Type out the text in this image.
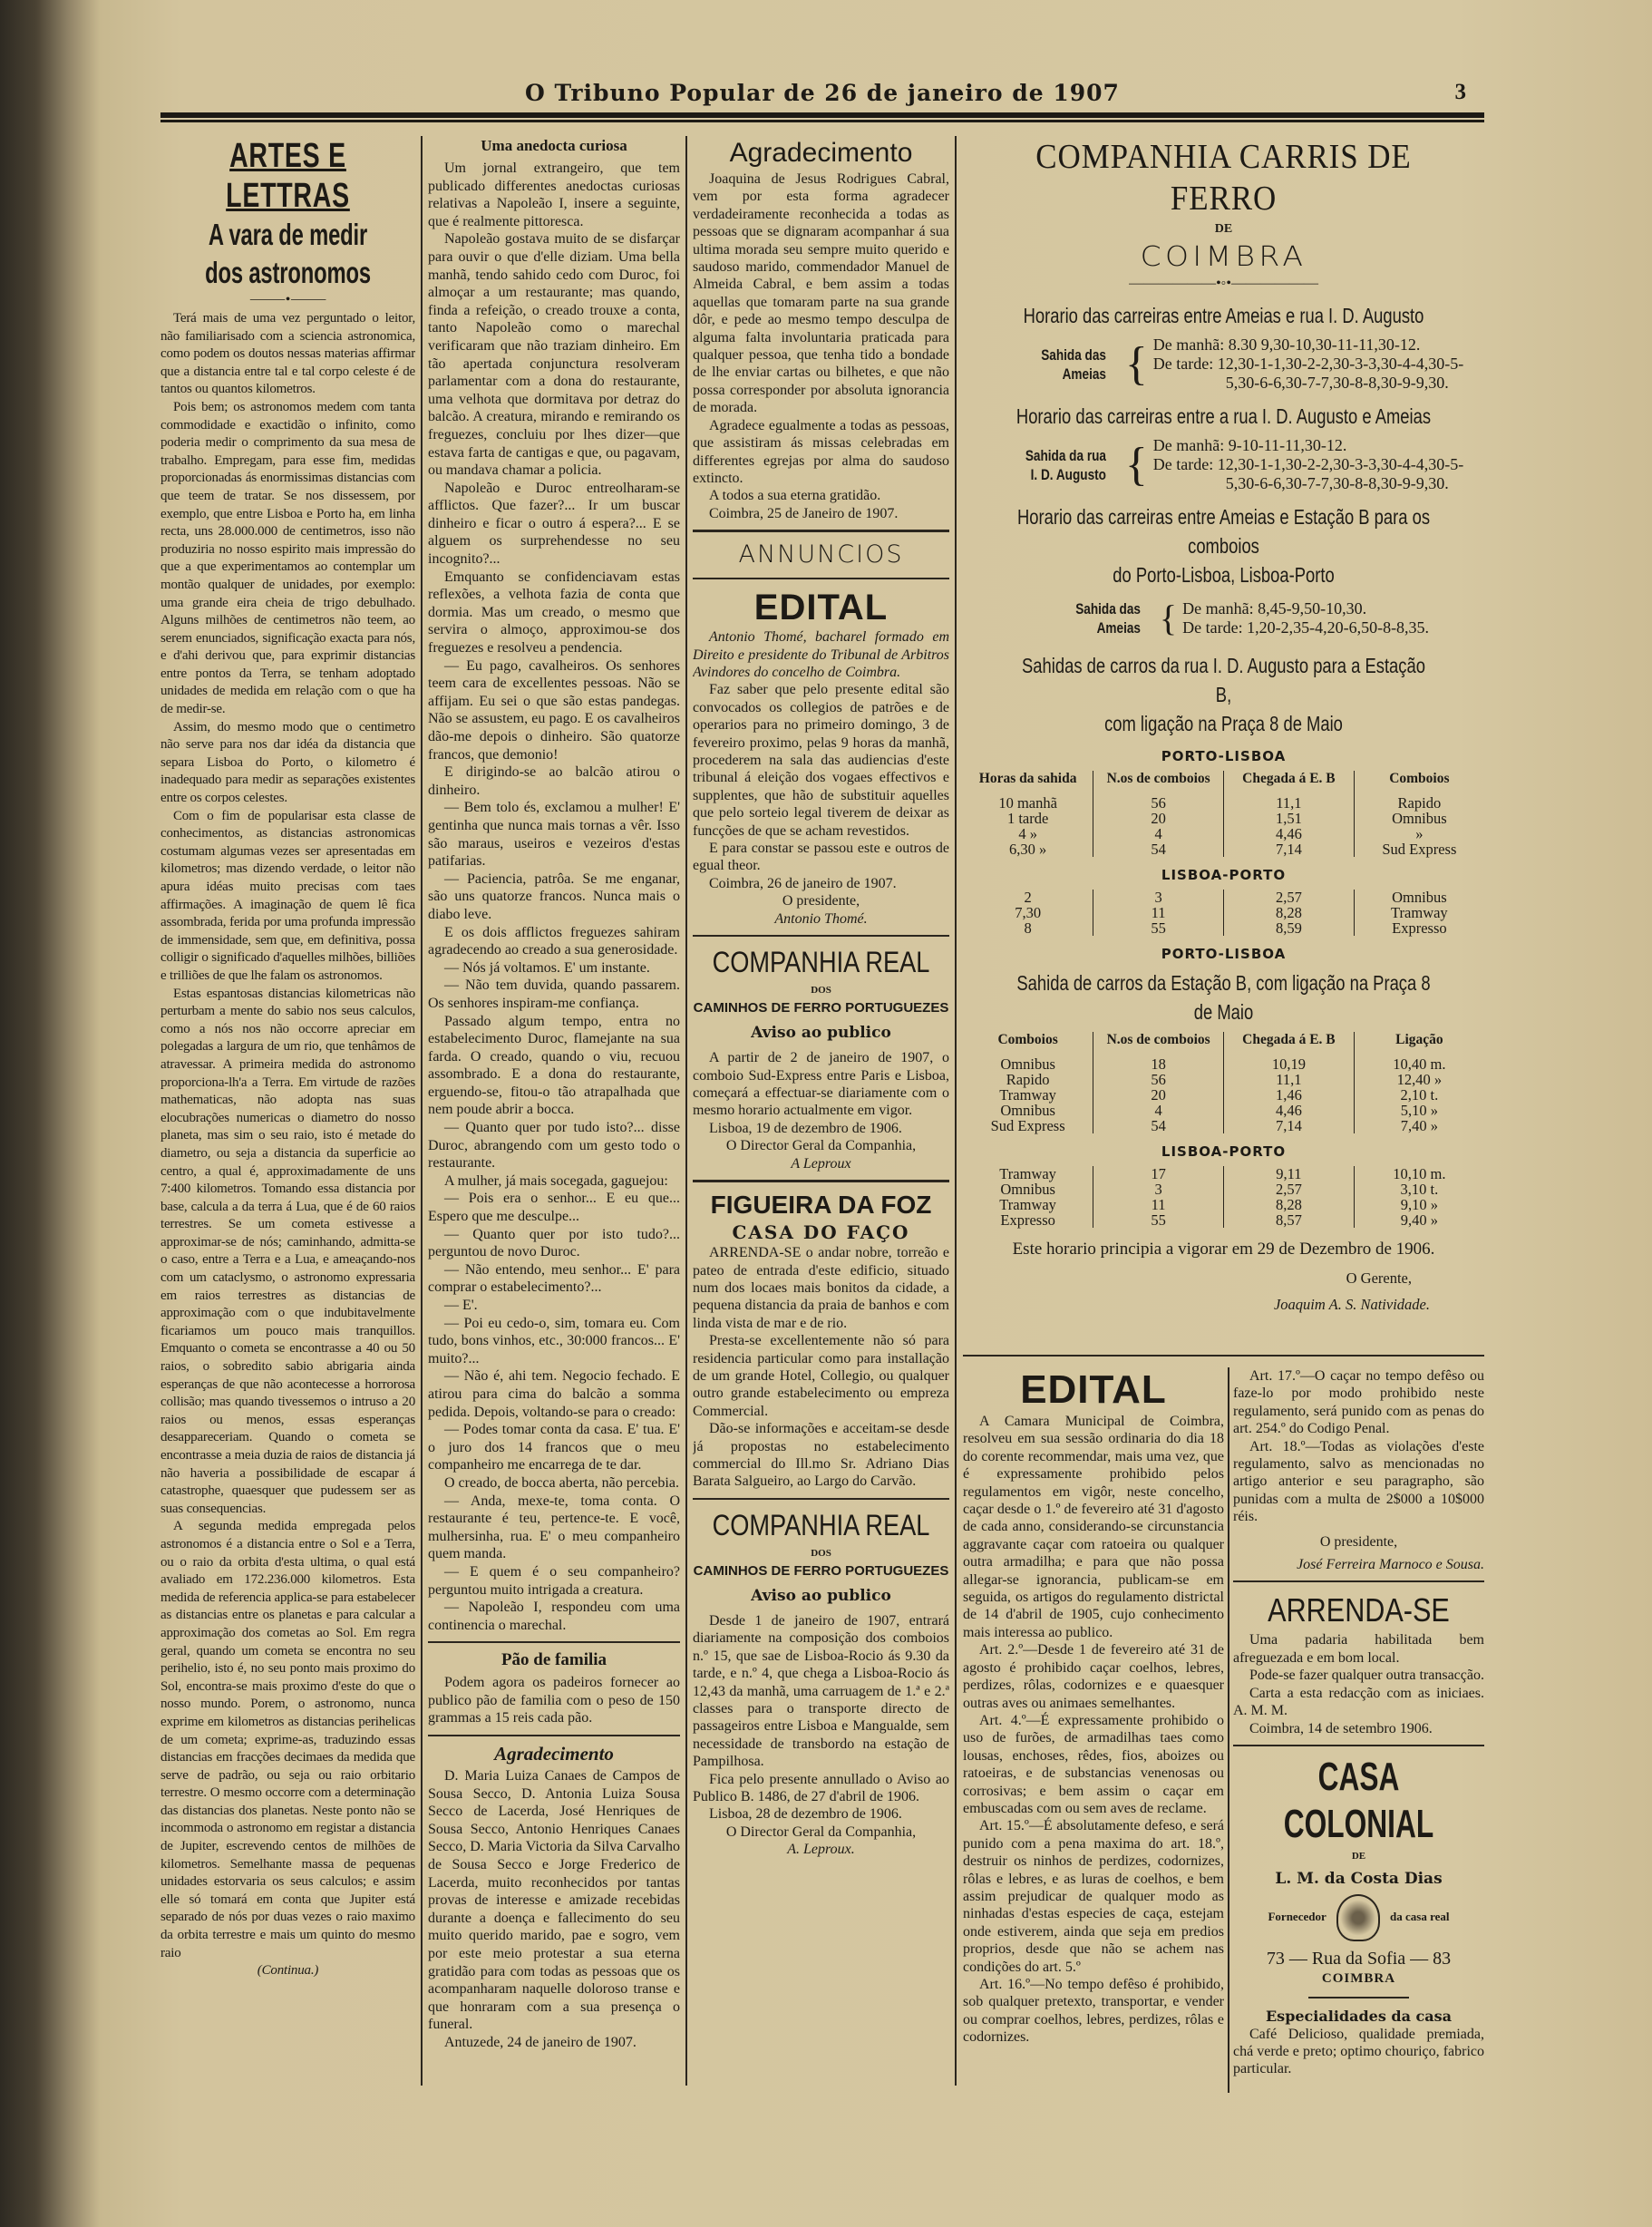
O Tribuno Popular de 26 de janeiro de 1907	3
ARTES E LETTRAS
A vara de medir dos astronomos
⸻•⸻

Terá mais de uma vez perguntado o leitor, não familiarisado com a sciencia astronomica, como podem os doutos nessas materias affirmar que a distancia entre tal e tal corpo celeste é de tantos ou quantos kilometros.

Pois bem; os astronomos medem com tanta commodidade e exactidão o infinito, como poderia medir o comprimento da sua mesa de trabalho. Empregam, para esse fim, medidas proporcionadas ás enormissimas distancias com que teem de tratar. Se nos dissessem, por exemplo, que entre Lisboa e Porto ha, em linha recta, uns 28.000.000 de centimetros, isso não produziria no nosso espirito mais impressão do que a que experimentamos ao contemplar um montão qualquer de unidades, por exemplo: uma grande eira cheia de trigo debulhado. Alguns milhões de centimetros não teem, ao serem enunciados, significação exacta para nós, e d'ahi derivou que, para exprimir distancias entre pontos da Terra, se tenham adoptado unidades de medida em relação com o que ha de medir-se.

Assim, do mesmo modo que o centimetro não serve para nos dar idéa da distancia que separa Lisboa do Porto, o kilometro é inadequado para medir as separações existentes entre os corpos celestes.

Com o fim de popularisar esta classe de conhecimentos, as distancias astronomicas costumam algumas vezes ser apresentadas em kilometros; mas dizendo verdade, o leitor não apura idéas muito precisas com taes affirmações. A imaginação de quem lê fica assombrada, ferida por uma profunda impressão de immensidade, sem que, em definitiva, possa colligir o significado d'aquelles milhões, billiões e trilliões de que lhe falam os astronomos.

Estas espantosas distancias kilometricas não perturbam a mente do sabio nos seus calculos, como a nós nos não occorre apreciar em polegadas a largura de um rio, que tenhâmos de atravessar. A primeira medida do astronomo proporciona-lh'a a Terra. Em virtude de razões mathematicas, não adopta nas suas elocubrações numericas o diametro do nosso planeta, mas sim o seu raio, isto é metade do diametro, ou seja a distancia da superficie ao centro, a qual é, approximadamente de uns 7:400 kilometros. Tomando essa distancia por base, calcula a da terra á Lua, que é de 60 raios terrestres. Se um cometa estivesse a approximar-se de nós; caminhando, admitta-se o caso, entre a Terra e a Lua, e ameaçando-nos com um cataclysmo, o astronomo expressaria em raios terrestres as distancias de approximação com o que indubitavelmente ficariamos um pouco mais tranquillos. Emquanto o cometa se encontrasse a 40 ou 50 raios, o sobredito sabio abrigaria ainda esperanças de que não acontecesse a horrorosa collisão; mas quando tivessemos o intruso a 20 raios ou menos, essas esperanças desappareceriam. Quando o cometa se encontrasse a meia duzia de raios de distancia já não haveria a possibilidade de escapar á catastrophe, quaesquer que pudessem ser as suas consequencias.

A segunda medida empregada pelos astronomos é a distancia entre o Sol e a Terra, ou o raio da orbita d'esta ultima, o qual está avaliado em 172.236.000 kilometros. Esta medida de referencia applica-se para estabelecer as distancias entre os planetas e para calcular a approximação dos cometas ao Sol. Em regra geral, quando um cometa se encontra no seu perihelio, isto é, no seu ponto mais proximo do Sol, encontra-se mais proximo d'este do que o nosso mundo. Porem, o astronomo, nunca exprime em kilometros as distancias perihelicas de um cometa; exprime-as, traduzindo essas distancias em fracções decimaes da medida que serve de padrão, ou seja ou raio orbitario terrestre. O mesmo occorre com a determinação das distancias dos planetas. Neste ponto não se incommoda o astronomo em registar a distancia de Jupiter, escrevendo centos de milhões de kilometros. Semelhante massa de pequenas unidades estorvaria os seus calculos; e assim elle só tomará em conta que Jupiter está separado de nós por duas vezes o raio maximo da orbita terrestre e mais um quinto do mesmo raio

(Continua.)

Uma anedocta curiosa

Um jornal extrangeiro, que tem publicado differentes anedoctas curiosas relativas a Napoleão I, insere a seguinte, que é realmente pittoresca.

Napoleão gostava muito de se disfarçar para ouvir o que d'elle diziam. Uma bella manhã, tendo sahido cedo com Duroc, foi almoçar a um restaurante; mas quando, finda a refeição, o creado trouxe a conta, tanto Napoleão como o marechal verificaram que não traziam dinheiro. Em tão apertada conjunctura resolveram parlamentar com a dona do restaurante, uma velhota que dormitava por detraz do balcão. A creatura, mirando e remirando os freguezes, concluiu por lhes dizer—que estava farta de cantigas e que, ou pagavam, ou mandava chamar a policia.

Napoleão e Duroc entreolharam-se afflictos. Que fazer?... Ir um buscar dinheiro e ficar o outro á espera?... E se alguem os surprehendesse no seu incognito?...

Emquanto se confidenciavam estas reflexões, a velhota fazia de conta que dormia. Mas um creado, o mesmo que servira o almoço, approximou-se dos freguezes e resolveu a pendencia.

— Eu pago, cavalheiros. Os senhores teem cara de excellentes pessoas. Não se affijam. Eu sei o que são estas pandegas. Não se assustem, eu pago. E os cavalheiros dão-me depois o dinheiro. São quatorze francos, que demonio!

E dirigindo-se ao balcão atirou o dinheiro.

— Bem tolo és, exclamou a mulher! E' gentinha que nunca mais tornas a vêr. Isso são maraus, useiros e vezeiros d'estas patifarias.

— Paciencia, patrôa. Se me enganar, são uns quatorze francos. Nunca mais o diabo leve.

E os dois afflictos freguezes sahiram agradecendo ao creado a sua generosidade.

— Nós já voltamos. E' um instante.

— Não tem duvida, quando passarem. Os senhores inspiram-me confiança.

Passado algum tempo, entra no estabelecimento Duroc, flamejante na sua farda. O creado, quando o viu, recuou assombrado. E a dona do restaurante, erguendo-se, fitou-o tão atrapalhada que nem poude abrir a bocca.

— Quanto quer por tudo isto?... disse Duroc, abrangendo com um gesto todo o restaurante.

A mulher, já mais socegada, gaguejou:

— Pois era o senhor... E eu que... Espero que me desculpe...

— Quanto quer por isto tudo?... perguntou de novo Duroc.

— Não entendo, meu senhor... E' para comprar o estabelecimento?...

— E'.

— Poi eu cedo-o, sim, tomara eu. Com tudo, bons vinhos, etc., 30:000 francos... E' muito?...

— Não é, ahi tem. Negocio fechado. E atirou para cima do balcão a somma pedida. Depois, voltando-se para o creado:

— Podes tomar conta da casa. E' tua. E' o juro dos 14 francos que o meu companheiro me encarrega de te dar.

O creado, de bocca aberta, não percebia.

— Anda, mexe-te, toma conta. O restaurante é teu, pertence-te. E você, mulhersinha, rua. E' o meu companheiro quem manda.

— E quem é o seu companheiro? perguntou muito intrigada a creatura.

— Napoleão I, respondeu com uma continencia o marechal.

Pão de familia

Podem agora os padeiros fornecer ao publico pão de familia com o peso de 150 grammas a 15 reis cada pão.

Agradecimento

D. Maria Luiza Canaes de Campos de Sousa Secco, D. Antonia Luiza Sousa Secco de Lacerda, José Henriques de Sousa Secco, Antonio Henriques Canaes Secco, D. Maria Victoria da Silva Carvalho de Sousa Secco e Jorge Frederico de Lacerda, muito reconhecidos por tantas provas de interesse e amizade recebidas durante a doença e fallecimento do seu muito querido marido, pae e sogro, vem por este meio protestar a sua eterna gratidão para com todas as pessoas que os acompanharam naquelle doloroso transe e que honraram com a sua presença o funeral.

Antuzede, 24 de janeiro de 1907.

Agradecimento

Joaquina de Jesus Rodrigues Cabral, vem por esta forma agradecer verdadeiramente reconhecida a todas as pessoas que se dignaram acompanhar á sua ultima morada seu sempre muito querido e saudoso marido, commendador Manuel de Almeida Cabral, e bem assim a todas aquellas que tomaram parte na sua grande dôr, e pede ao mesmo tempo desculpa de alguma falta involuntaria praticada para qualquer pessoa, que tenha tido a bondade de lhe enviar cartas ou bilhetes, e que não possa corresponder por absoluta ignorancia de morada.

Agradece egualmente a todas as pessoas, que assistiram ás missas celebradas em differentes egrejas por alma do saudoso extincto.

A todos a sua eterna gratidão.

Coimbra, 25 de Janeiro de 1907.

ANNUNCIOS
EDITAL

Antonio Thomé, bacharel formado em Direito e presidente do Tribunal de Arbitros Avindores do concelho de Coimbra.

Faz saber que pelo presente edital são convocados os collegios de patrões e de operarios para no primeiro domingo, 3 de fevereiro proximo, pelas 9 horas da manhã, procederem na sala das audiencias d'este tribunal á eleição dos vogaes effectivos e supplentes, que hão de substituir aquelles que pelo sorteio legal tiverem de deixar as funcções de que se acham revestidos.

E para constar se passou este e outros de egual theor.

Coimbra, 26 de janeiro de 1907.

O presidente,

Antonio Thomé.

COMPANHIA REAL
DOS
CAMINHOS DE FERRO PORTUGUEZES
Aviso ao publico

A partir de 2 de janeiro de 1907, o comboio Sud-Express entre Paris e Lisboa, começará a effectuar-se diariamente com o mesmo horario actualmente em vigor.

Lisboa, 19 de dezembro de 1906.

O Director Geral da Companhia,

A Leproux

FIGUEIRA DA FOZ
CASA DO FAÇO

ARRENDA-SE o andar nobre, torreão e pateo de entrada d'este edificio, situado num dos locaes mais bonitos da cidade, a pequena distancia da praia de banhos e com linda vista de mar e de rio.

Presta-se excellentemente não só para residencia particular como para installação de um grande Hotel, Collegio, ou qualquer outro grande estabelecimento ou empreza Commercial.

Dão-se informações e acceitam-se desde já propostas no estabelecimento commercial do Ill.mo Sr. Adriano Dias Barata Salgueiro, ao Largo do Carvão.

COMPANHIA REAL
DOS
CAMINHOS DE FERRO PORTUGUEZES
Aviso ao publico

Desde 1 de janeiro de 1907, entrará diariamente na composição dos comboios n.º 15, que sae de Lisboa-Rocio ás 9.30 da tarde, e n.º 4, que chega a Lisboa-Rocio ás 12,43 da manhã, uma carruagem de 1.ª e 2.ª classes para o transporte directo de passageiros entre Lisboa e Mangualde, sem necessidade de transbordo na estação de Pampilhosa.

Fica pelo presente annullado o Aviso ao Publico B. 1486, de 27 d'abril de 1906.

Lisboa, 28 de dezembro de 1906.

O Director Geral da Companhia,

A. Leproux.

COMPANHIA CARRIS DE FERRO
DE
COIMBRA
——————•◦•——————
Horario das carreiras entre Ameias e rua I. D. Augusto
Sahida das Ameias { De manhã: 8.30 9,30-10,30-11-11,30-12.
De tarde: 12,30-1-1,30-2-2,30-3-3,30-4-4,30-5-
5,30-6-6,30-7-7,30-8-8,30-9-9,30.
Horario das carreiras entre a rua I. D. Augusto e Ameias
Sahida da rua
I. D. Augusto { De manhã: 9-10-11-11,30-12.
De tarde: 12,30-1-1,30-2-2,30-3-3,30-4-4,30-5-
5,30-6-6,30-7-7,30-8-8,30-9-9,30.
Horario das carreiras entre Ameias e Estação B para os comboios
do Porto-Lisboa, Lisboa-Porto
Sahida das Ameias { De manhã: 8,45-9,50-10,30.
De tarde: 1,20-2,35-4,20-6,50-8-8,35.
Sahidas de carros da rua I. D. Augusto para a Estação B,
com ligação na Praça 8 de Maio
PORTO-LISBOA
Horas da sahida	N.os de comboios	Chegada á E. B	Comboios
10 manhã	56	11,1	Rapido
1 tarde	20	1,51	Omnibus
4 »	4	4,46	»
6,30 »	54	7,14	Sud Express
LISBOA-PORTO
2	3	2,57	Omnibus
7,30	11	8,28	Tramway
8	55	8,59	Expresso
PORTO-LISBOA
Sahida de carros da Estação B, com ligação na Praça 8 de Maio
Comboios	N.os de comboios	Chegada á E. B	Ligação
Omnibus	18	10,19	10,40 m.
Rapido	56	11,1	12,40 »
Tramway	20	1,46	2,10 t.
Omnibus	4	4,46	5,10 »
Sud Express	54	7,14	7,40 »
LISBOA-PORTO
Tramway	17	9,11	10,10 m.
Omnibus	3	2,57	3,10 t.
Tramway	11	8,28	9,10 »
Expresso	55	8,57	9,40 »
Este horario principia a vigorar em 29 de Dezembro de 1906.
O Gerente,
Joaquim A. S. Natividade.
EDITAL

A Camara Municipal de Coimbra, resolveu em sua sessão ordinaria do dia 18 do corente recommendar, mais uma vez, que é expressamente prohibido pelos regulamentos em vigôr, neste concelho, caçar desde o 1.º de fevereiro até 31 d'agosto de cada anno, considerando-se circunstancia aggravante caçar com ratoeira ou qualquer outra armadilha; e para que não possa allegar-se ignorancia, publicam-se em seguida, os artigos do regulamento districtal de 14 d'abril de 1905, cujo conhecimento mais interessa ao publico.

Art. 2.º—Desde 1 de fevereiro até 31 de agosto é prohibido caçar coelhos, lebres, perdizes, rôlas, codornizes e e quaesquer outras aves ou animaes semelhantes.

Art. 4.º—É expressamente prohibido o uso de furões, de armadilhas taes como lousas, enchoses, rêdes, fios, aboizes ou ratoeiras, e de substancias venenosas ou corrosivas; e bem assim o caçar em embuscadas com ou sem aves de reclame.

Art. 15.º—É absolutamente defeso, e será punido com a pena maxima do art. 18.º, destruir os ninhos de perdizes, codornizes, rôlas e lebres, e as luras de coelhos, e bem assim prejudicar de qualquer modo as ninhadas d'estas especies de caça, estejam onde estiverem, ainda que seja em predios proprios, desde que não se achem nas condições do art. 5.º

Art. 16.º—No tempo defêso é prohibido, sob qualquer pretexto, transportar, e vender ou comprar coelhos, lebres, perdizes, rôlas e codornizes.

Art. 17.º—O caçar no tempo defêso ou faze-lo por modo prohibido neste regulamento, será punido com as penas do art. 254.º do Codigo Penal.

Art. 18.º—Todas as violações d'este regulamento, salvo as mencionadas no artigo anterior e seu paragrapho, são punidas com a multa de 2$000 a 10$000 réis.

O presidente,

José Ferreira Marnoco e Sousa.

ARRENDA-SE

Uma padaria habilitada bem afreguezada e em bom local.

Pode-se fazer qualquer outra transacção.

Carta a esta redacção com as iniciaes. A. M. M.

Coimbra, 14 de setembro 1906.

CASA COLONIAL
DE
L. M. da Costa Dias
Fornecedor	da casa real
73 — Rua da Sofia — 83
COIMBRA
Especialidades da casa

Café Delicioso, qualidade premiada, chá verde e preto; optimo chouriço, fabrico particular.
